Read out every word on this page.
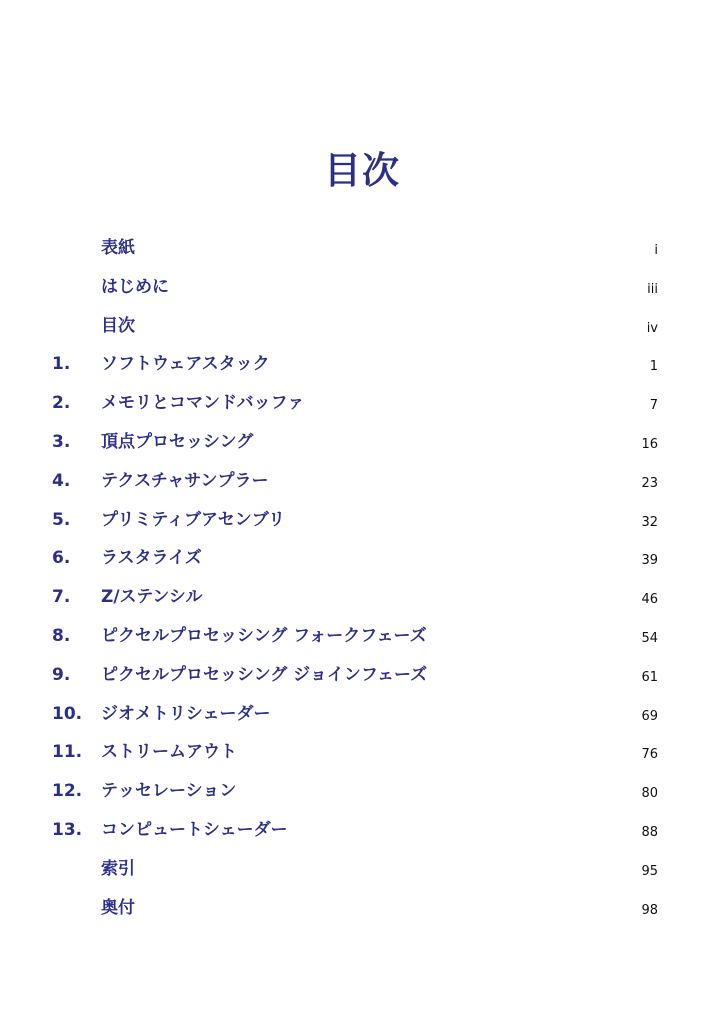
目次
表紙	i
はじめに	iii
目次	iv
1. ソフトウェアスタック	1
2. メモリとコマンドバッファ	7
3. 頂点プロセッシング	16
4. テクスチャサンプラー	23
5. プリミティブアセンブリ	32
6. ラスタライズ	39
7. Z/ステンシル	46
8. ピクセルプロセッシング フォークフェーズ	54
9. ピクセルプロセッシング ジョインフェーズ	61
10. ジオメトリシェーダー	69
11. ストリームアウト	76
12. テッセレーション	80
13. コンピュートシェーダー	88
索引	95
奥付	98
